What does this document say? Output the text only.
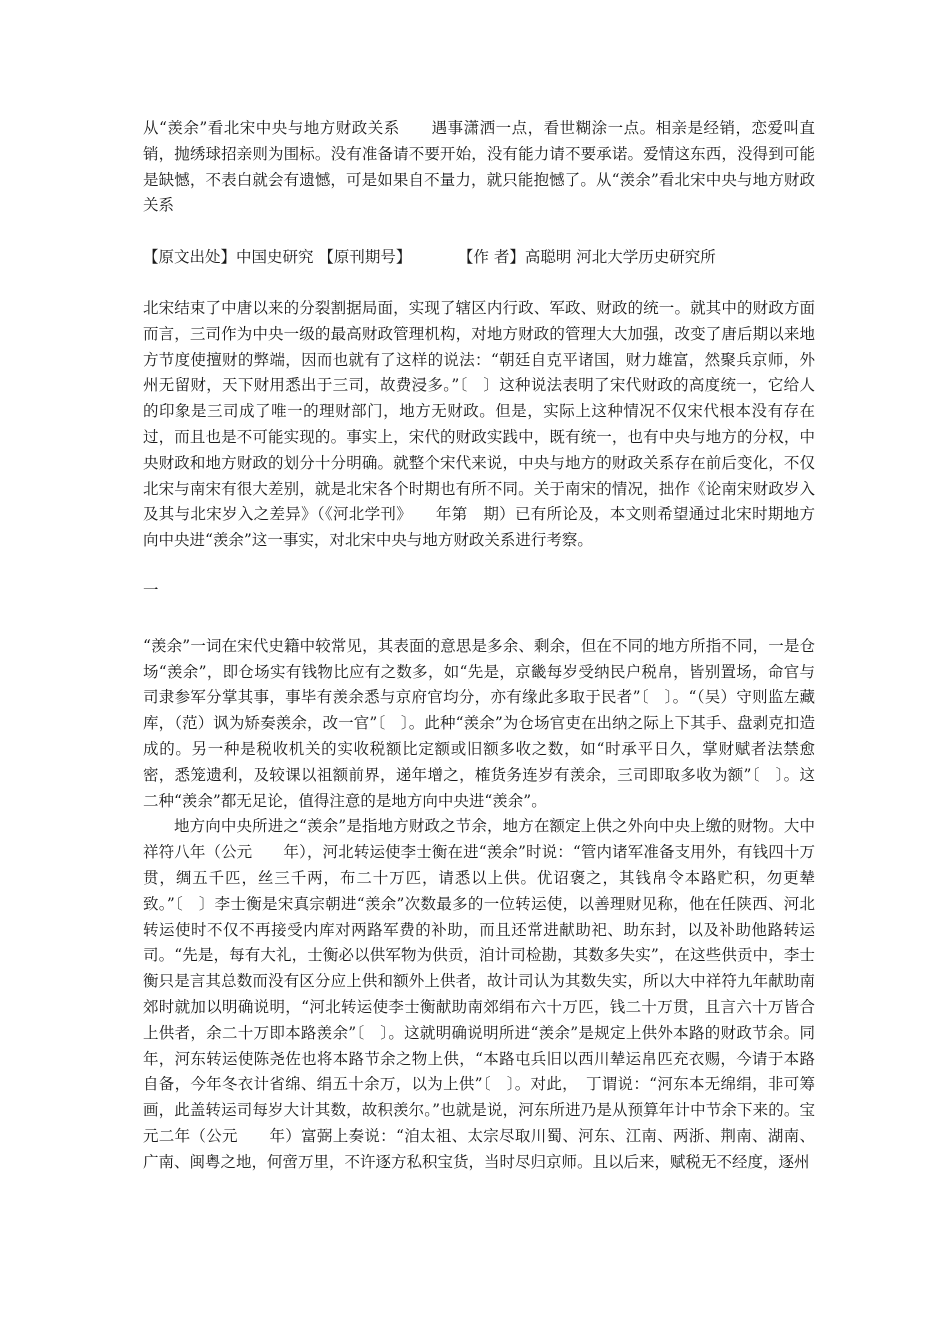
从“羡余”看北宋中央与地方财政关系　　遇事潇洒一点，看世糊涂一点。相亲是经销，恋爱叫直销，抛绣球招亲则为围标。没有准备请不要开始，没有能力请不要承诺。爱情这东西，没得到可能是缺憾，不表白就会有遗憾，可是如果自不量力，就只能抱憾了。从“羡余”看北宋中央与地方财政关系

【原文出处】中国史研究 【原刊期号】　　　　【作 者】高聪明 河北大学历史研究所

北宋结束了中唐以来的分裂割据局面，实现了辖区内行政、军政、财政的统一。就其中的财政方面而言，三司作为中央一级的最高财政管理机构，对地方财政的管理大大加强，改变了唐后期以来地方节度使擅财的弊端，因而也就有了这样的说法：“朝廷自克平诸国，财力雄富，然聚兵京师，外州无留财，天下财用悉出于三司，故费浸多。”〔　〕这种说法表明了宋代财政的高度统一，它给人的印象是三司成了唯一的理财部门，地方无财政。但是，实际上这种情况不仅宋代根本没有存在过，而且也是不可能实现的。事实上，宋代的财政实践中，既有统一，也有中央与地方的分权，中央财政和地方财政的划分十分明确。就整个宋代来说，中央与地方的财政关系存在前后变化，不仅北宋与南宋有很大差别，就是北宋各个时期也有所不同。关于南宋的情况，拙作《论南宋财政岁入及其与北宋岁入之差异》（《河北学刊》　　年第　期）已有所论及，本文则希望通过北宋时期地方向中央进“羡余”这一事实，对北宋中央与地方财政关系进行考察。

一

“羡余”一词在宋代史籍中较常见，其表面的意思是多余、剩余，但在不同的地方所指不同，一是仓场“羡余”，即仓场实有钱物比应有之数多，如“先是，京畿每岁受纳民户税帛，皆别置场，命官与司隶参军分掌其事，事毕有羡余悉与京府官均分，亦有缘此多取于民者”〔　〕。“（吴）守则监左藏库，（范）讽为矫奏羡余，改一官”〔　〕。此种“羡余”为仓场官吏在出纳之际上下其手、盘剥克扣造成的。另一种是税收机关的实收税额比定额或旧额多收之数，如“时承平日久，掌财赋者法禁愈密，悉笼遗利，及较课以祖额前界，递年增之，榷货务连岁有羡余，三司即取多收为额”〔　〕。这二种“羡余”都无足论，值得注意的是地方向中央进“羡余”。

地方向中央所进之“羡余”是指地方财政之节余，地方在额定上供之外向中央上缴的财物。大中祥符八年（公元　　年），河北转运使李士衡在进“羡余”时说：“管内诸军准备支用外，有钱四十万贯，绸五千匹，丝三千两，布二十万匹，请悉以上供。优诏褒之，其钱帛令本路贮积，勿更辇致。”〔　〕李士衡是宋真宗朝进“羡余”次数最多的一位转运使，以善理财见称，他在任陕西、河北转运使时不仅不再接受内库对两路军费的补助，而且还常进献助祀、助东封，以及补助他路转运司。“先是，每有大礼，士衡必以供军物为供贡，洎计司检勘，其数多失实”，在这些供贡中，李士衡只是言其总数而没有区分应上供和额外上供者，故计司认为其数失实，所以大中祥符九年献助南郊时就加以明确说明，“河北转运使李士衡献助南郊绢布六十万匹，钱二十万贯，且言六十万皆合上供者，余二十万即本路羡余”〔　〕。这就明确说明所进“羡余”是规定上供外本路的财政节余。同年，河东转运使陈尧佐也将本路节余之物上供，“本路屯兵旧以西川辇运帛匹充衣赐，今请于本路自备，今年冬衣计省绵、绢五十余万，以为上供”〔　〕。对此，　丁谓说：“河东本无绵绢，非可筹画，此盖转运司每岁大计其数，故积羡尔。”也就是说，河东所进乃是从预算年计中节余下来的。宝元二年（公元　　年）富弼上奏说：“洎太祖、太宗尽取川蜀、河东、江南、两浙、荆南、湖南、广南、闽粤之地，何啻万里，不许逐方私积宝货，当时尽归京师。且以后来，赋税无不经度，逐州
